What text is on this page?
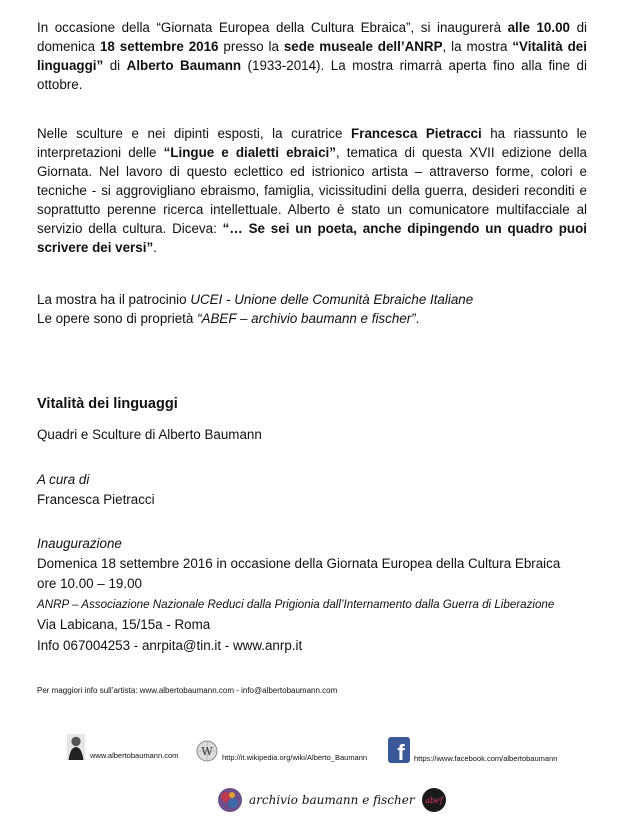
In occasione della “Giornata Europea della Cultura Ebraica”, si inaugurerà alle 10.00 di domenica 18 settembre 2016 presso la sede museale dell’ANRP, la mostra “Vitalità dei linguaggi” di Alberto Baumann (1933-2014). La mostra rimarrà aperta fino alla fine di ottobre.

Nelle sculture e nei dipinti esposti, la curatrice Francesca Pietracci ha riassunto le interpretazioni delle “Lingue e dialetti ebraici”, tematica di questa XVII edizione della Giornata. Nel lavoro di questo eclettico ed istrionico artista – attraverso forme, colori e tecniche - si aggrovigliano ebraismo, famiglia, vicissitudini della guerra, desideri reconditi e soprattutto perenne ricerca intellettuale. Alberto è stato un comunicatore multifacciale al servizio della cultura. Diceva: “… Se sei un poeta, anche dipingendo un quadro puoi scrivere dei versi”.

La mostra ha il patrocinio UCEI - Unione delle Comunità Ebraiche Italiane

Le opere sono di proprietà “ABEF – archivio baumann e fischer”.

Vitalità dei linguaggi

Quadri e Sculture di Alberto Baumann

A cura di

Francesca Pietracci

Inaugurazione

Domenica 18 settembre 2016 in occasione della Giornata Europea della Cultura Ebraica

ore 10.00 – 19.00

ANRP – Associazione Nazionale Reduci dalla Prigionia dall’Internamento dalla Guerra di Liberazione

Via Labicana, 15/15a - Roma

Info 067004253 - anrpita@tin.it - www.anrp.it

Per maggiori info sull’artista: www.albertobaumann.com - info@albertobaumann.com

www.albertobaumann.com W http://it.wikipedia.org/wiki/Alberto_Baumann f https://www.facebook.com/albertobaumann
archivio baumann e fischer abef
